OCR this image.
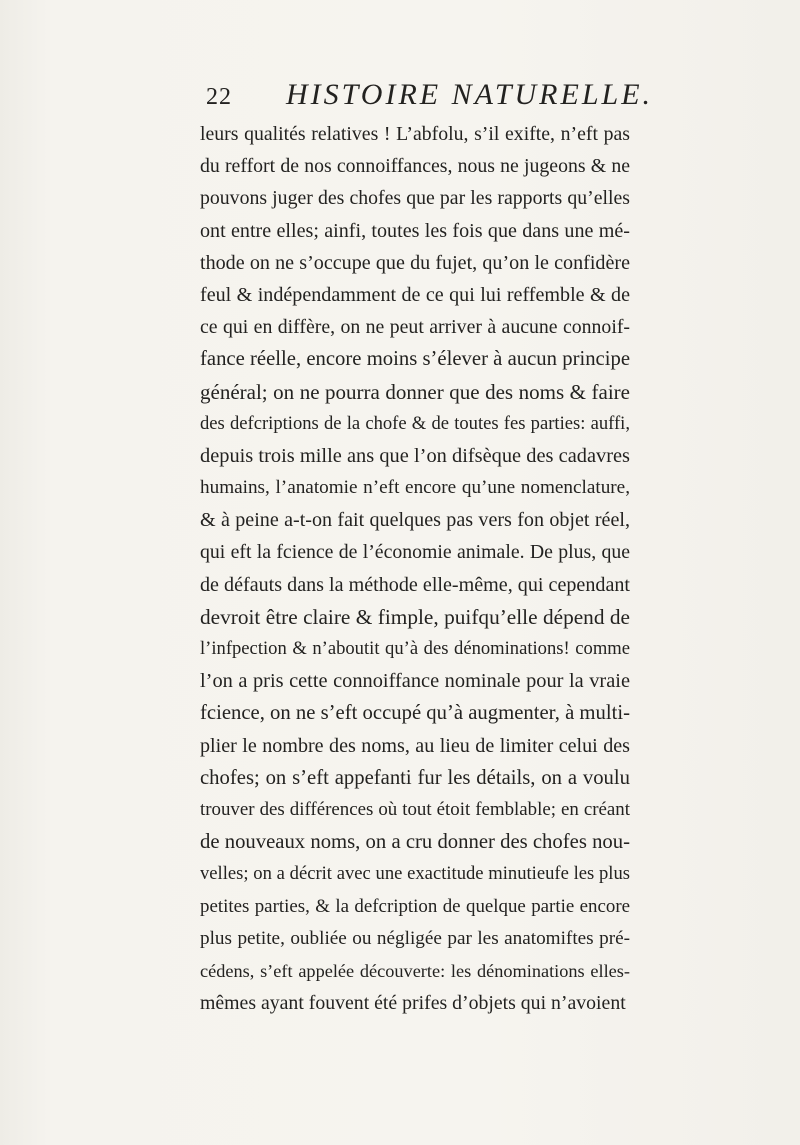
22 HISTOIRE NATURELLE.
leurs qualités relatives ! L’abfolu, s’il exifte, n’eft pas
du reffort de nos connoiffances, nous ne jugeons & ne
pouvons juger des chofes que par les rapports qu’elles
ont entre elles; ainfi, toutes les fois que dans une mé-
thode on ne s’occupe que du fujet, qu’on le confidère
feul & indépendamment de ce qui lui reffemble & de
ce qui en diffère, on ne peut arriver à aucune connoif-
fance réelle, encore moins s’élever à aucun principe
général; on ne pourra donner que des noms & faire
des defcriptions de la chofe & de toutes fes parties: auffi,
depuis trois mille ans que l’on difsèque des cadavres
humains, l’anatomie n’eft encore qu’une nomenclature,
& à peine a-t-on fait quelques pas vers fon objet réel,
qui eft la fcience de l’économie animale. De plus, que
de défauts dans la méthode elle-même, qui cependant
devroit être claire & fimple, puifqu’elle dépend de
l’infpection & n’aboutit qu’à des dénominations! comme
l’on a pris cette connoiffance nominale pour la vraie
fcience, on ne s’eft occupé qu’à augmenter, à multi-
plier le nombre des noms, au lieu de limiter celui des
chofes; on s’eft appefanti fur les détails, on a voulu
trouver des différences où tout étoit femblable; en créant
de nouveaux noms, on a cru donner des chofes nou-
velles; on a décrit avec une exactitude minutieufe les plus
petites parties, & la defcription de quelque partie encore
plus petite, oubliée ou négligée par les anatomiftes pré-
cédens, s’eft appelée découverte: les dénominations elles-
mêmes ayant fouvent été prifes d’objets qui n’avoient
